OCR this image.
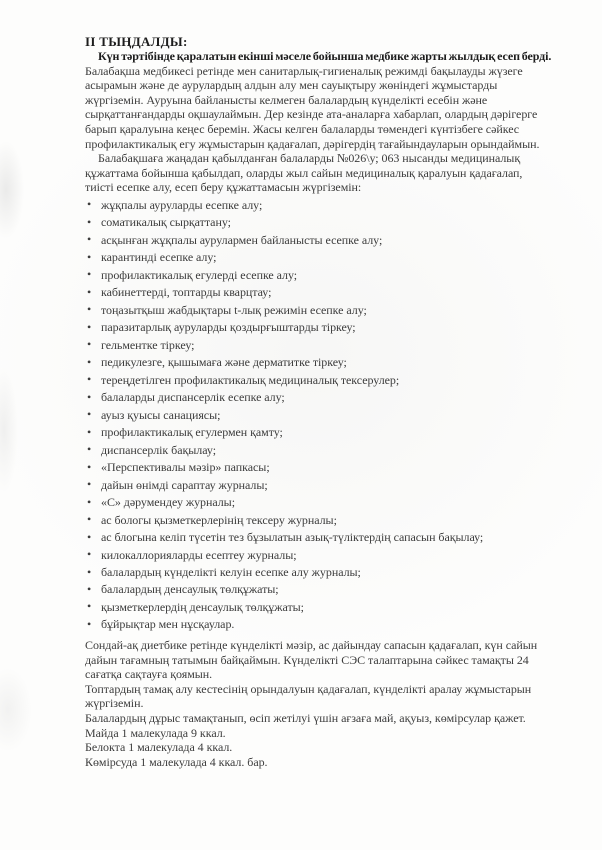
II ТЫҢДАЛДЫ:

Күн тәртібінде қаралатын екінші мәселе бойынша медбике жарты жылдық есеп берді.

Балабақша медбикесі ретінде мен санитарлық-гигиеналық режимді бақылауды жүзеге асырамын және де аурулардың алдын алу мен сауықтыру жөніндегі жұмыстарды жүргіземін. Ауруына байланысты келмеген балалардың күнделікті есебін және сырқаттанғандарды оқшаулаймын. Дер кезінде ата-аналарға хабарлап, олардың дәрігерге барып қаралуына кеңес беремін. Жасы келген балаларды төмендегі күнтізбеге сәйкес профилактикалық егу жұмыстарын қадағалап, дәрігердің тағайындауларын орындаймын.

Балабақшаға жаңадан қабылданған балаларды №026\у; 063 нысанды медициналық құжаттама бойынша қабылдап, оларды жыл сайын медициналық қаралуын қадағалап, тиісті есепке алу, есеп беру құжаттамасын жүргіземін:

• жұқпалы ауруларды есепке алу;
• соматикалық сырқаттану;
• асқынған жұқпалы аурулармен байланысты есепке алу;
• карантинді есепке алу;
• профилактикалық егулерді есепке алу;
• кабинеттерді, топтарды кварцтау;
• тоңазытқыш жабдықтары t-лық режимін есепке алу;
• паразитарлық ауруларды қоздырғыштарды тіркеу;
• гельментке тіркеу;
• педикулезге, қышымаға және дерматитке тіркеу;
• тереңдетілген профилактикалық медициналық тексерулер;
• балаларды диспансерлік есепке алу;
• ауыз қуысы санациясы;
• профилактикалық егулермен қамту;
• диспансерлік бақылау;
• «Перспективалы мәзір» папкасы;
• дайын өнімді сараптау журналы;
• «С» дәрумендеу журналы;
• ас бологы қызметкерлерінің тексеру журналы;
• ас блогына келіп түсетін тез бұзылатын азық-түліктердің сапасын бақылау;
• килокаллорияларды есептеу журналы;
• балалардың күнделікті келуін есепке алу журналы;
• балалардың денсаулық төлқұжаты;
• қызметкерлердің денсаулық төлқұжаты;
• бұйрықтар мен нұсқаулар.

Сондай-ақ диетбике ретінде күнделікті мәзір, ас дайындау сапасын қадағалап, күн сайын дайын тағамның татымын байқаймын. Күнделікті СЭС талаптарына сәйкес тамақты 24 сағатқа сақтауға қоямын.

Топтардың тамақ алу кестесінің орындалуын қадағалап, күнделікті аралау жұмыстарын жүргіземін.

Балалардың дұрыс тамақтанып, өсіп жетілуі үшін ағзаға май, ақуыз, көмірсулар қажет.

Майда 1 малекулада 9 ккал.

Белокта 1 малекулада 4 ккал.

Көмірсуда 1 малекулада 4 ккал. бар.
